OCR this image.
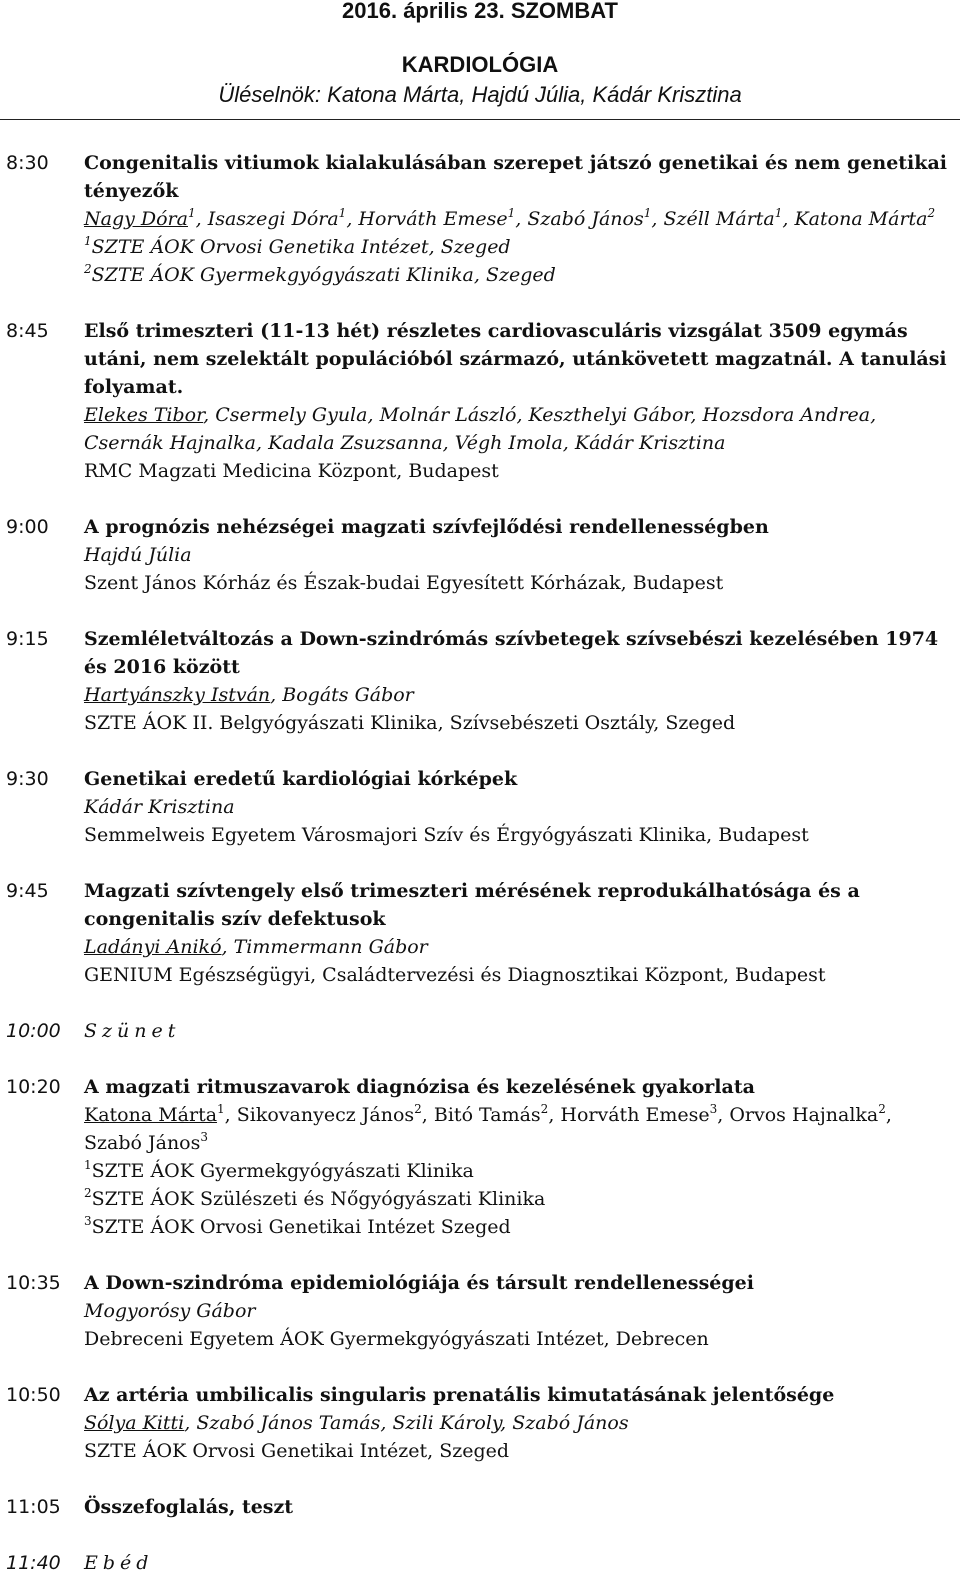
2016. április 23. SZOMBAT
KARDIOLÓGIA
Üléselnök: Katona Márta, Hajdú Júlia, Kádár Krisztina
8:30	Congenitalis vitiumok kialakulásában szerepet játszó genetikai és nem genetikai tényezők
Nagy Dóra$^1$, Isaszegi Dóra$^1$, Horváth Emese$^1$, Szabó János$^1$, Széll Márta$^1$, Katona Márta$^2$
$^1$SZTE ÁOK Orvosi Genetika Intézet, Szeged
$^2$SZTE ÁOK Gyermekgyógyászati Klinika, Szeged
8:45	Első trimeszteri (11-13 hét) részletes cardiovasculáris vizsgálat 3509 egymás utáni, nem szelektált populációból származó, utánkövetett magzatnál. A tanulási folyamat.
Elekes Tibor, Csermely Gyula, Molnár László, Keszthelyi Gábor, Hozsdora Andrea, Csernák Hajnalka, Kadala Zsuzsanna, Végh Imola, Kádár Krisztina
RMC Magzati Medicina Központ, Budapest
9:00	A prognózis nehézségei magzati szívfejlődési rendellenességben
Hajdú Júlia
Szent János Kórház és Észak-budai Egyesített Kórházak, Budapest
9:15	Szemléletváltozás a Down-szindrómás szívbetegek szívsebészi kezelésében 1974 és 2016 között
Hartyánszky István, Bogáts Gábor
SZTE ÁOK II. Belgyógyászati Klinika, Szívsebészeti Osztály, Szeged
9:30	Genetikai eredetű kardiológiai kórképek
Kádár Krisztina
Semmelweis Egyetem Városmajori Szív és Érgyógyászati Klinika, Budapest
9:45	Magzati szívtengely első trimeszteri mérésének reprodukálhatósága és a congenitalis szív defektusok
Ladányi Anikó, Timmermann Gábor
GENIUM Egészségügyi, Családtervezési és Diagnosztikai Központ, Budapest
10:00	Szünet
10:20	A magzati ritmuszavarok diagnózisa és kezelésének gyakorlata
Katona Márta$^1$, Sikovanyecz János$^2$, Bitó Tamás$^2$, Horváth Emese$^3$, Orvos Hajnalka$^2$, Szabó János$^3$
$^1$SZTE ÁOK Gyermekgyógyászati Klinika
$^2$SZTE ÁOK Szülészeti és Nőgyógyászati Klinika
$^3$SZTE ÁOK Orvosi Genetikai Intézet Szeged
10:35	A Down-szindróma epidemiológiája és társult rendellenességei
Mogyorósy Gábor
Debreceni Egyetem ÁOK Gyermekgyógyászati Intézet, Debrecen
10:50	Az artéria umbilicalis singularis prenatális kimutatásának jelentősége
Sólya Kitti, Szabó János Tamás, Szili Károly, Szabó János
SZTE ÁOK Orvosi Genetikai Intézet, Szeged
11:05	Összefoglalás, teszt
11:40	Ebéd
